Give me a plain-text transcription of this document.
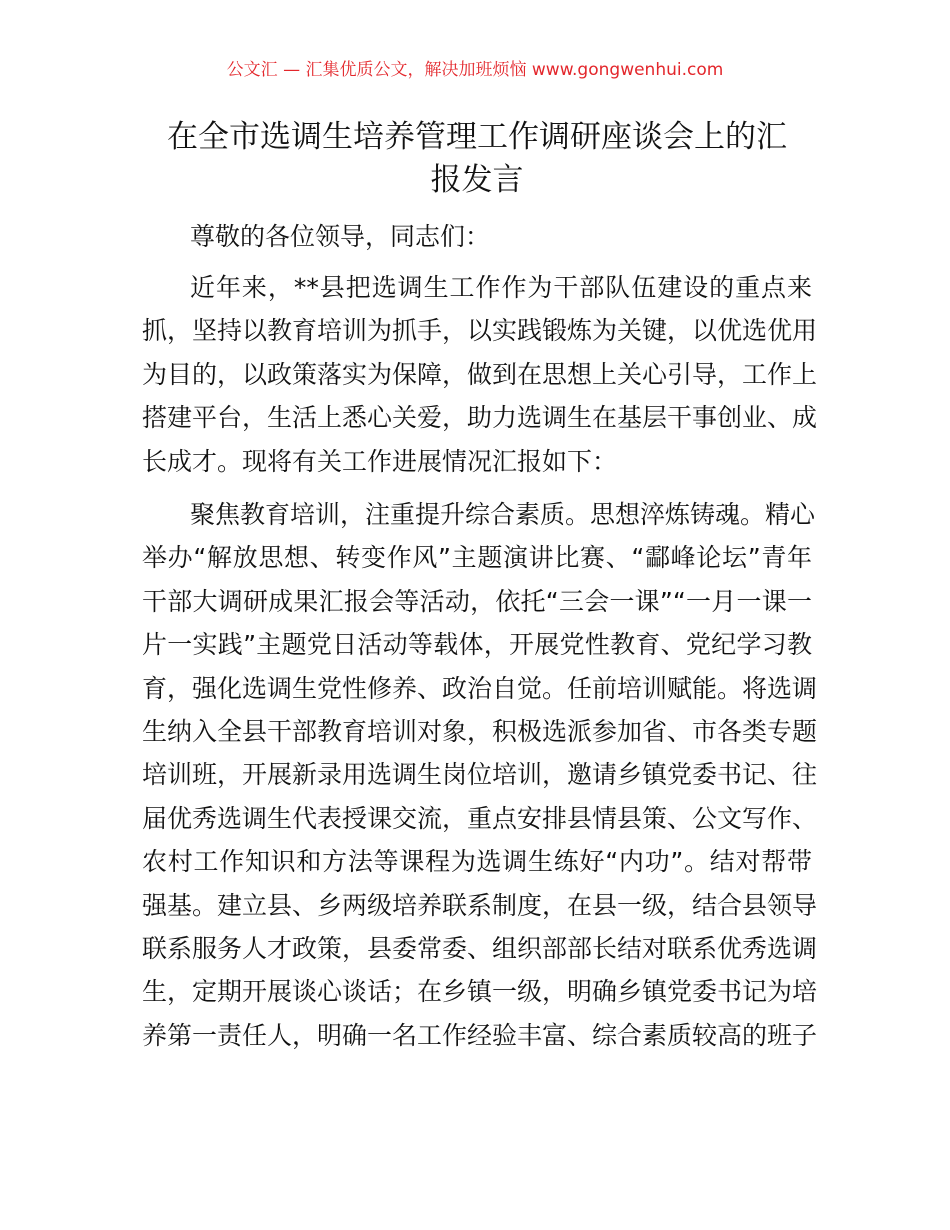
公文汇 — 汇集优质公文，解决加班烦恼 www.gongwenhui.com
在全市选调生培养管理工作调研座谈会上的汇
报发言
尊敬的各位领导，同志们：
近年来，**县把选调生工作作为干部队伍建设的重点来
抓，坚持以教育培训为抓手，以实践锻炼为关键，以优选优用
为目的，以政策落实为保障，做到在思想上关心引导，工作上
搭建平台，生活上悉心关爱，助力选调生在基层干事创业、成
长成才。现将有关工作进展情况汇报如下：
聚焦教育培训，注重提升综合素质。思想淬炼铸魂。精心
举办“解放思想、转变作风”主题演讲比赛、“酃峰论坛”青年
干部大调研成果汇报会等活动，依托“三会一课”“一月一课一
片一实践”主题党日活动等载体，开展党性教育、党纪学习教
育，强化选调生党性修养、政治自觉。任前培训赋能。将选调
生纳入全县干部教育培训对象，积极选派参加省、市各类专题
培训班，开展新录用选调生岗位培训，邀请乡镇党委书记、往
届优秀选调生代表授课交流，重点安排县情县策、公文写作、
农村工作知识和方法等课程为选调生练好“内功”。结对帮带
强基。建立县、乡两级培养联系制度，在县一级，结合县领导
联系服务人才政策，县委常委、组织部部长结对联系优秀选调
生，定期开展谈心谈话；在乡镇一级，明确乡镇党委书记为培
养第一责任人，明确一名工作经验丰富、综合素质较高的班子
